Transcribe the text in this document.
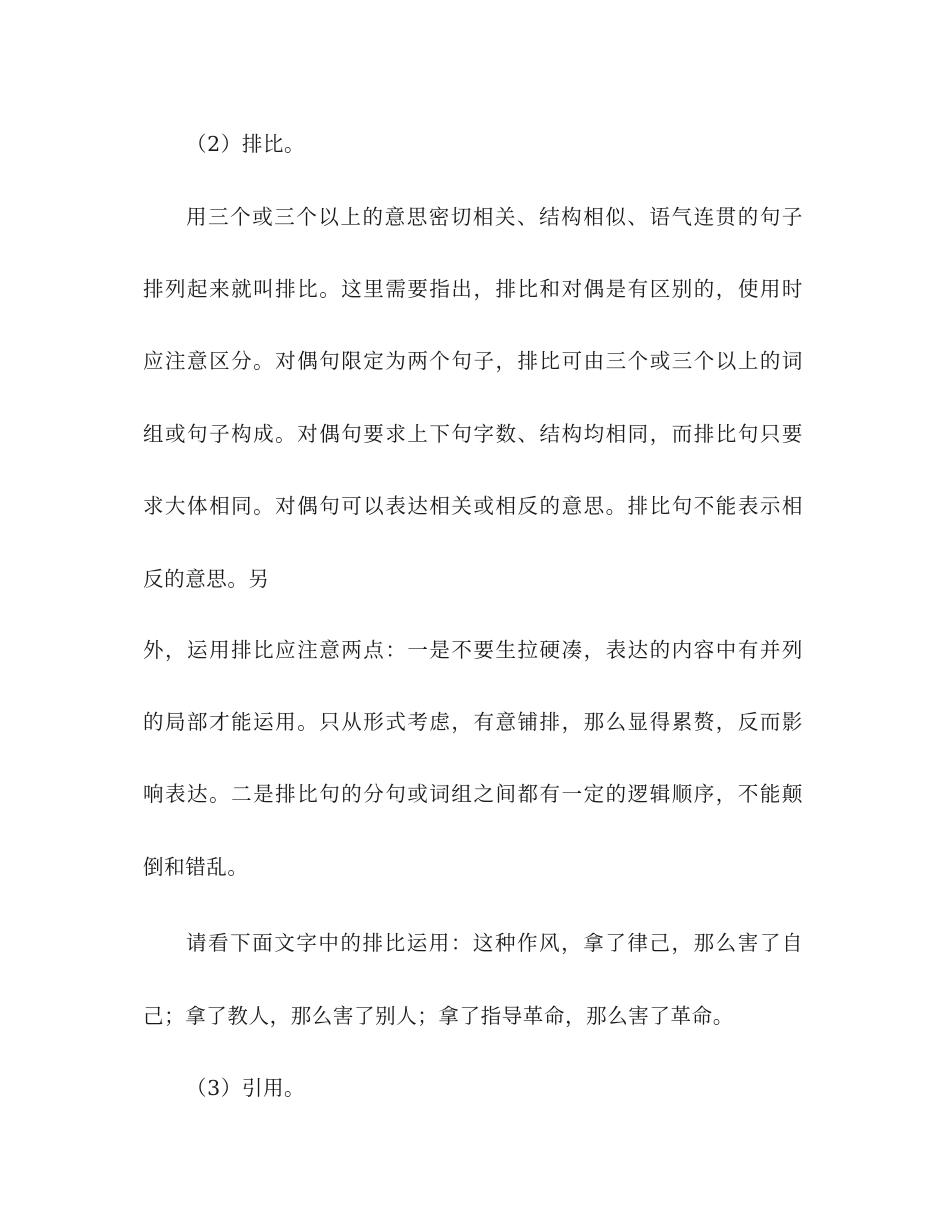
（2）排比。
用三个或三个以上的意思密切相关、结构相似、语气连贯的句子
排列起来就叫排比。这里需要指出，排比和对偶是有区别的，使用时
应注意区分。对偶句限定为两个句子，排比可由三个或三个以上的词
组或句子构成。对偶句要求上下句字数、结构均相同，而排比句只要
求大体相同。对偶句可以表达相关或相反的意思。排比句不能表示相
反的意思。另
外，运用排比应注意两点：一是不要生拉硬凑，表达的内容中有并列
的局部才能运用。只从形式考虑，有意铺排，那么显得累赘，反而影
响表达。二是排比句的分句或词组之间都有一定的逻辑顺序，不能颠
倒和错乱。
请看下面文字中的排比运用：这种作风，拿了律己，那么害了自
己；拿了教人，那么害了别人；拿了指导革命，那么害了革命。
（3）引用。
